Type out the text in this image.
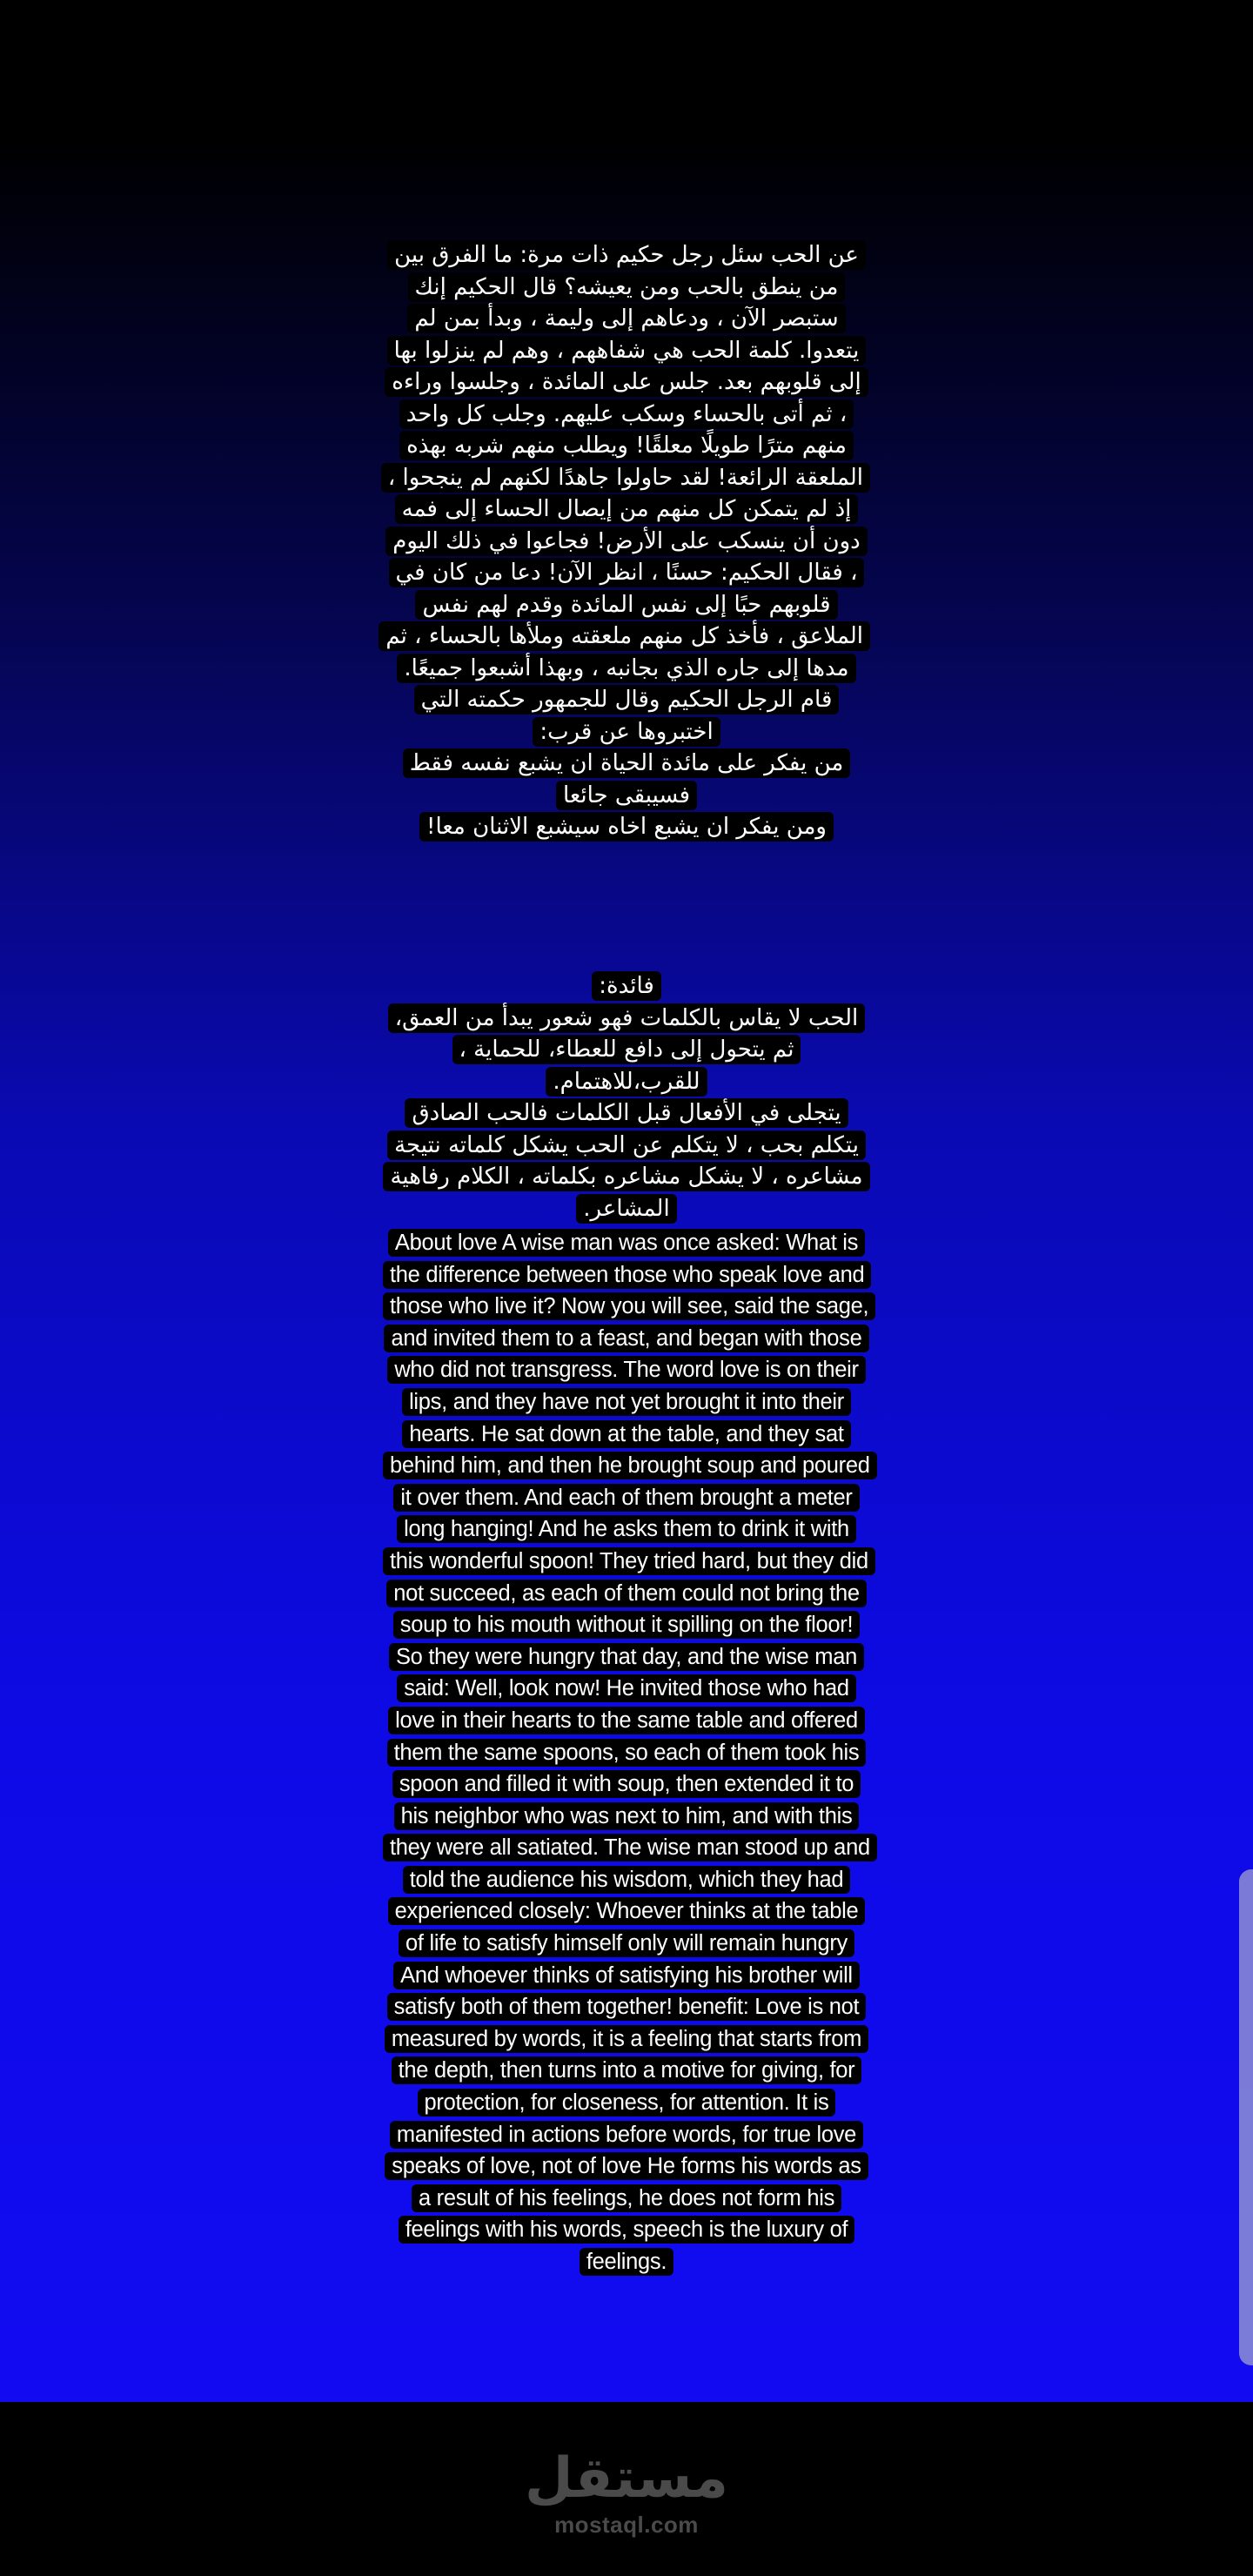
عن الحب سئل رجل حكيم ذات مرة: ما الفرق بين من ينطق بالحب ومن يعيشه؟ قال الحكيم إنك ستبصر الآن ، ودعاهم إلى وليمة ، وبدأ بمن لم يتعدوا. كلمة الحب هي شفاههم ، وهم لم ينزلوا بها إلى قلوبهم بعد. جلس على المائدة ، وجلسوا وراءه ، ثم أتى بالحساء وسكب عليهم. وجلب كل واحد منهم مترًا طويلًا معلقًا! ويطلب منهم شربه بهذه الملعقة الرائعة! لقد حاولوا جاهدًا لكنهم لم ينجحوا ، إذ لم يتمكن كل منهم من إيصال الحساء إلى فمه دون أن ينسكب على الأرض! فجاعوا في ذلك اليوم ، فقال الحكيم: حسنًا ، انظر الآن! دعا من كان في قلوبهم حبًا إلى نفس المائدة وقدم لهم نفس الملاعق ، فأخذ كل منهم ملعقته وملأها بالحساء ، ثم مدها إلى جاره الذي بجانبه ، وبهذا أشبعوا جميعًا. قام الرجل الحكيم وقال للجمهور حكمته التي اختبروها عن قرب:
من يفكر على مائدة الحياة ان يشبع نفسه فقط فسيبقى جائعا
ومن يفكر ان يشبع اخاه سيشبع الاثنان معا!
فائدة:
الحب لا يقاس بالكلمات فهو شعور يبدأ من العمق، ثم يتحول إلى دافع للعطاء، للحماية ، للقرب،للاهتمام.
يتجلى في الأفعال قبل الكلمات فالحب الصادق يتكلم بحب ، لا يتكلم عن الحب يشكل كلماته نتيجة مشاعره ، لا يشكل مشاعره بكلماته ، الكلام رفاهية المشاعر.
About love A wise man was once asked: What is the difference between those who speak love and those who live it? Now you will see, said the sage, and invited them to a feast, and began with those who did not transgress. The word love is on their lips, and they have not yet brought it into their hearts. He sat down at the table, and they sat behind him, and then he brought soup and poured it over them. And each of them brought a meter long hanging! And he asks them to drink it with this wonderful spoon! They tried hard, but they did not succeed, as each of them could not bring the soup to his mouth without it spilling on the floor! So they were hungry that day, and the wise man said: Well, look now! He invited those who had love in their hearts to the same table and offered them the same spoons, so each of them took his spoon and filled it with soup, then extended it to his neighbor who was next to him, and with this they were all satiated. The wise man stood up and told the audience his wisdom, which they had experienced closely: Whoever thinks at the table of life to satisfy himself only will remain hungry And whoever thinks of satisfying his brother will satisfy both of them together! benefit: Love is not measured by words, it is a feeling that starts from the depth, then turns into a motive for giving, for protection, for closeness, for attention. It is manifested in actions before words, for true love speaks of love, not of love He forms his words as a result of his feelings, he does not form his feelings with his words, speech is the luxury of feelings.
مستقل
mostaql.com
